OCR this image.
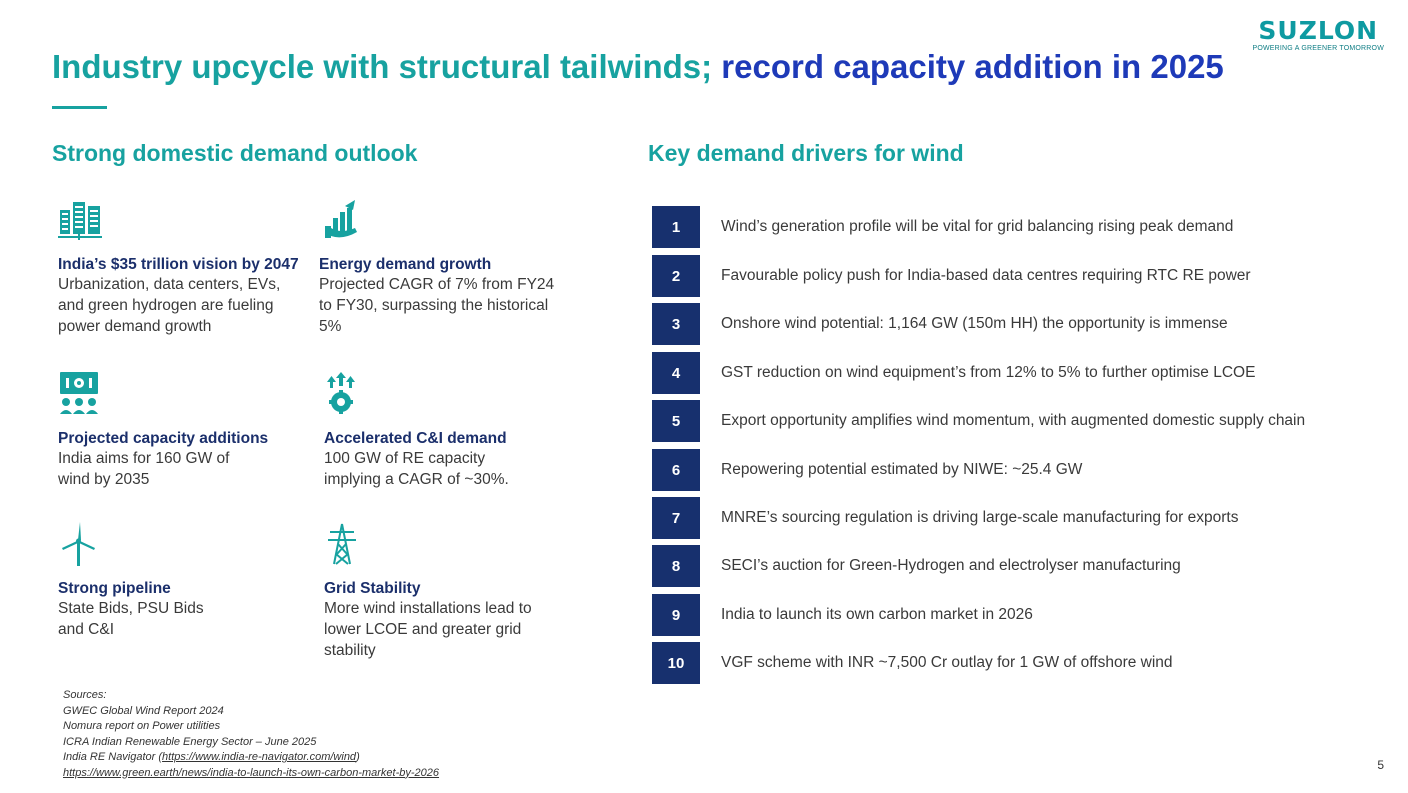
SUZLON
POWERING A GREENER TOMORROW
Industry upcycle with structural tailwinds; record capacity addition in 2025
Strong domestic demand outlook	Key demand drivers for wind
India’s $35 trillion vision by 2047
Urbanization, data centers, EVs,
and green hydrogen are fueling
power demand growth
Energy demand growth
Projected CAGR of 7% from FY24
to FY30, surpassing the historical
5%
Projected capacity additions
India aims for 160 GW of
wind by 2035
Accelerated C&I demand
100 GW of RE capacity
implying a CAGR of ~30%.
Strong pipeline
State Bids, PSU Bids
and C&I
Grid Stability
More wind installations lead to
lower LCOE and greater grid
stability
1	Wind’s generation profile will be vital for grid balancing rising peak demand
2	Favourable policy push for India-based data centres requiring RTC RE power
3	Onshore wind potential: 1,164 GW (150m HH) the opportunity is immense
4	GST reduction on wind equipment’s from 12% to 5% to further optimise LCOE
5	Export opportunity amplifies wind momentum, with augmented domestic supply chain
6	Repowering potential estimated by NIWE: ~25.4 GW
7	MNRE’s sourcing regulation is driving large-scale manufacturing for exports
8	SECI’s auction for Green-Hydrogen and electrolyser manufacturing
9	India to launch its own carbon market in 2026
10	VGF scheme with INR ~7,500 Cr outlay for 1 GW of offshore wind
Sources:
GWEC Global Wind Report 2024
Nomura report on Power utilities
ICRA Indian Renewable Energy Sector – June 2025
India RE Navigator (https://www.india-re-navigator.com/wind)
https://www.green.earth/news/india-to-launch-its-own-carbon-market-by-2026
5
